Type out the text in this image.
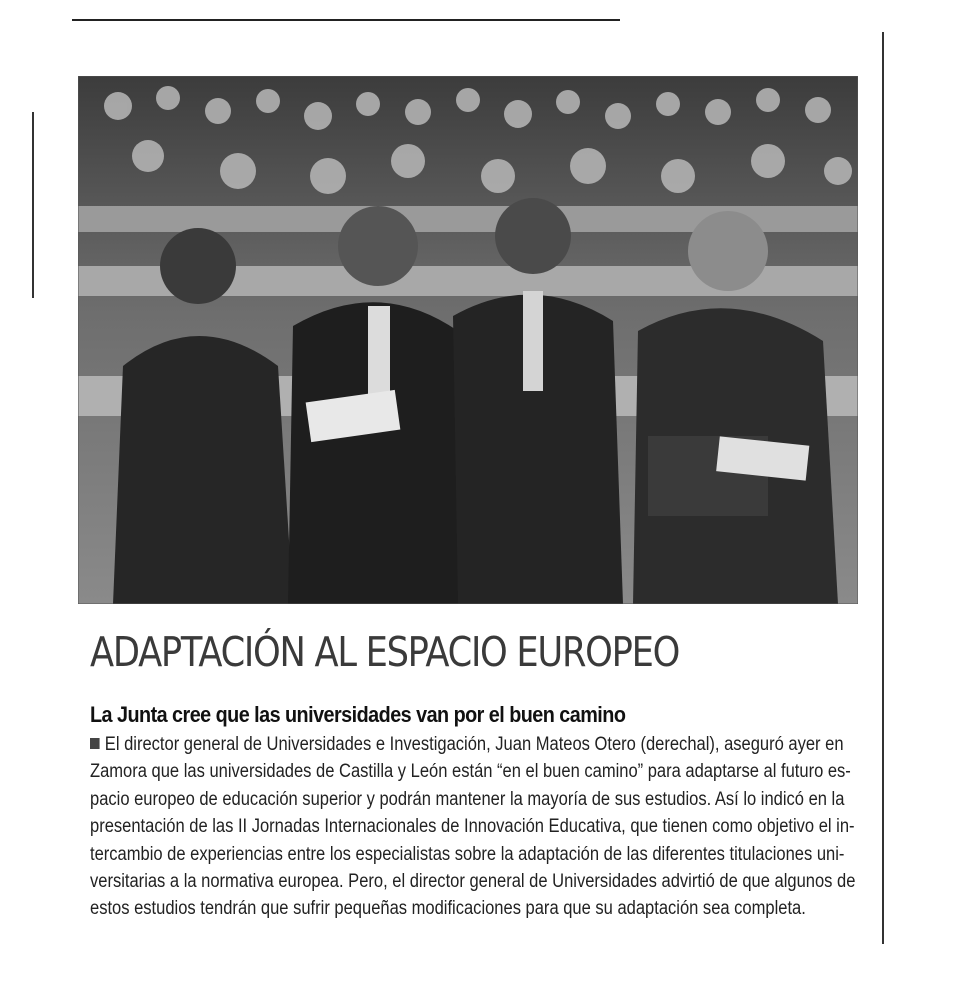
ADAPTACIÓN AL ESPACIO EUROPEO
La Junta cree que las universidades van por el buen camino
El director general de Universidades e Investigación, Juan Mateos Otero (derechal), aseguró ayer en
Zamora que las universidades de Castilla y León están “en el buen camino” para adaptarse al futuro es-
pacio europeo de educación superior y podrán mantener la mayoría de sus estudios. Así lo indicó en la
presentación de las II Jornadas Internacionales de Innovación Educativa, que tienen como objetivo el in-
tercambio de experiencias entre los especialistas sobre la adaptación de las diferentes titulaciones uni-
versitarias a la normativa europea. Pero, el director general de Universidades advirtió de que algunos de
estos estudios tendrán que sufrir pequeñas modificaciones para que su adaptación sea completa.
